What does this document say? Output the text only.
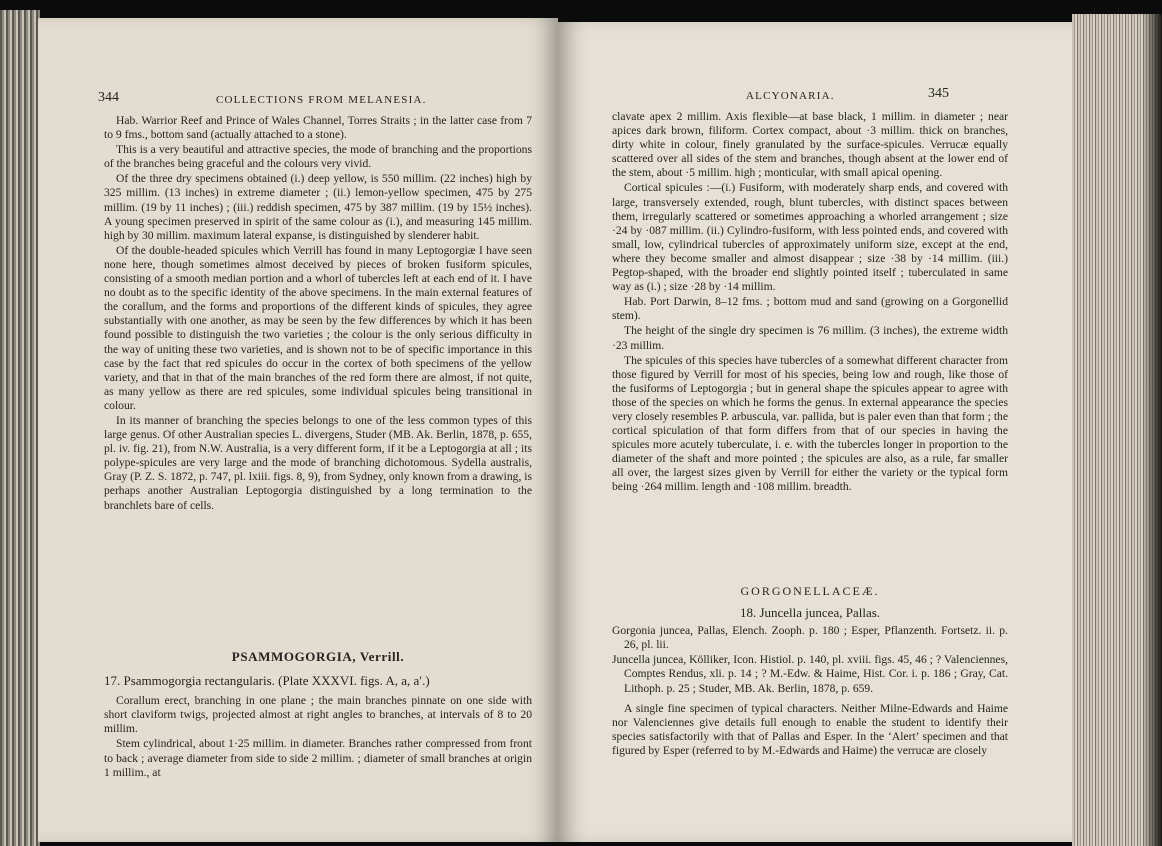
344	COLLECTIONS FROM MELANESIA.

Hab. Warrior Reef and Prince of Wales Channel, Torres Straits ; in the latter case from 7 to 9 fms., bottom sand (actually attached to a stone).

This is a very beautiful and attractive species, the mode of branching and the proportions of the branches being graceful and the colours very vivid.

Of the three dry specimens obtained (i.) deep yellow, is 550 millim. (22 inches) high by 325 millim. (13 inches) in extreme diameter ; (ii.) lemon-yellow specimen, 475 by 275 millim. (19 by 11 inches) ; (iii.) reddish specimen, 475 by 387 millim. (19 by 15½ inches). A young specimen preserved in spirit of the same colour as (i.), and measuring 145 millim. high by 30 millim. maximum lateral expanse, is distinguished by slenderer habit.

Of the double-headed spicules which Verrill has found in many Leptogorgiæ I have seen none here, though sometimes almost deceived by pieces of broken fusiform spicules, consisting of a smooth median portion and a whorl of tubercles left at each end of it. I have no doubt as to the specific identity of the above specimens. In the main external features of the corallum, and the forms and proportions of the different kinds of spicules, they agree substantially with one another, as may be seen by the few differences by which it has been found possible to distinguish the two varieties ; the colour is the only serious difficulty in the way of uniting these two varieties, and is shown not to be of specific importance in this case by the fact that red spicules do occur in the cortex of both specimens of the yellow variety, and that in that of the main branches of the red form there are almost, if not quite, as many yellow as there are red spicules, some individual spicules being transitional in colour.

In its manner of branching the species belongs to one of the less common types of this large genus. Of other Australian species L. divergens, Studer (MB. Ak. Berlin, 1878, p. 655, pl. iv. fig. 21), from N.W. Australia, is a very different form, if it be a Leptogorgia at all ; its polype-spicules are very large and the mode of branching dichotomous. Sydella australis, Gray (P. Z. S. 1872, p. 747, pl. lxiii. figs. 8, 9), from Sydney, only known from a drawing, is perhaps another Australian Leptogorgia distinguished by a long termination to the branchlets bare of cells.

PSAMMOGORGIA, Verrill.

17. Psammogorgia rectangularis. (Plate XXXVI. figs. A, a, a′.)

Corallum erect, branching in one plane ; the main branches pinnate on one side with short claviform twigs, projected almost at right angles to branches, at intervals of 8 to 20 millim.

Stem cylindrical, about 1·25 millim. in diameter. Branches rather compressed from front to back ; average diameter from side to side 2 millim. ; diameter of small branches at origin 1 millim., at

ALCYONARIA.	345

clavate apex 2 millim. Axis flexible—at base black, 1 millim. in diameter ; near apices dark brown, filiform. Cortex compact, about ·3 millim. thick on branches, dirty white in colour, finely granulated by the surface-spicules. Verrucæ equally scattered over all sides of the stem and branches, though absent at the lower end of the stem, about ·5 millim. high ; monticular, with small apical opening.

Cortical spicules :—(i.) Fusiform, with moderately sharp ends, and covered with large, transversely extended, rough, blunt tubercles, with distinct spaces between them, irregularly scattered or sometimes approaching a whorled arrangement ; size ·24 by ·087 millim. (ii.) Cylindro-fusiform, with less pointed ends, and covered with small, low, cylindrical tubercles of approximately uniform size, except at the end, where they become smaller and almost disappear ; size ·38 by ·14 millim. (iii.) Pegtop-shaped, with the broader end slightly pointed itself ; tuberculated in same way as (i.) ; size ·28 by ·14 millim.

Hab. Port Darwin, 8–12 fms. ; bottom mud and sand (growing on a Gorgonellid stem).

The height of the single dry specimen is 76 millim. (3 inches), the extreme width ·23 millim.

The spicules of this species have tubercles of a somewhat different character from those figured by Verrill for most of his species, being low and rough, like those of the fusiforms of Leptogorgia ; but in general shape the spicules appear to agree with those of the species on which he forms the genus. In external appearance the species very closely resembles P. arbuscula, var. pallida, but is paler even than that form ; the cortical spiculation of that form differs from that of our species in having the spicules more acutely tuberculate, i. e. with the tubercles longer in proportion to the diameter of the shaft and more pointed ; the spicules are also, as a rule, far smaller all over, the largest sizes given by Verrill for either the variety or the typical form being ·264 millim. length and ·108 millim. breadth.

GORGONELLACEÆ.

18. Juncella juncea, Pallas.

Gorgonia juncea, Pallas, Elench. Zooph. p. 180 ; Esper, Pflanzenth. Fortsetz. ii. p. 26, pl. lii.

Juncella juncea, Kölliker, Icon. Histiol. p. 140, pl. xviii. figs. 45, 46 ; ? Valenciennes, Comptes Rendus, xli. p. 14 ; ? M.-Edw. & Haime, Hist. Cor. i. p. 186 ; Gray, Cat. Lithoph. p. 25 ; Studer, MB. Ak. Berlin, 1878, p. 659.

A single fine specimen of typical characters. Neither Milne-Edwards and Haime nor Valenciennes give details full enough to enable the student to identify their species satisfactorily with that of Pallas and Esper. In the ‘Alert’ specimen and that figured by Esper (referred to by M.-Edwards and Haime) the verrucæ are closely
